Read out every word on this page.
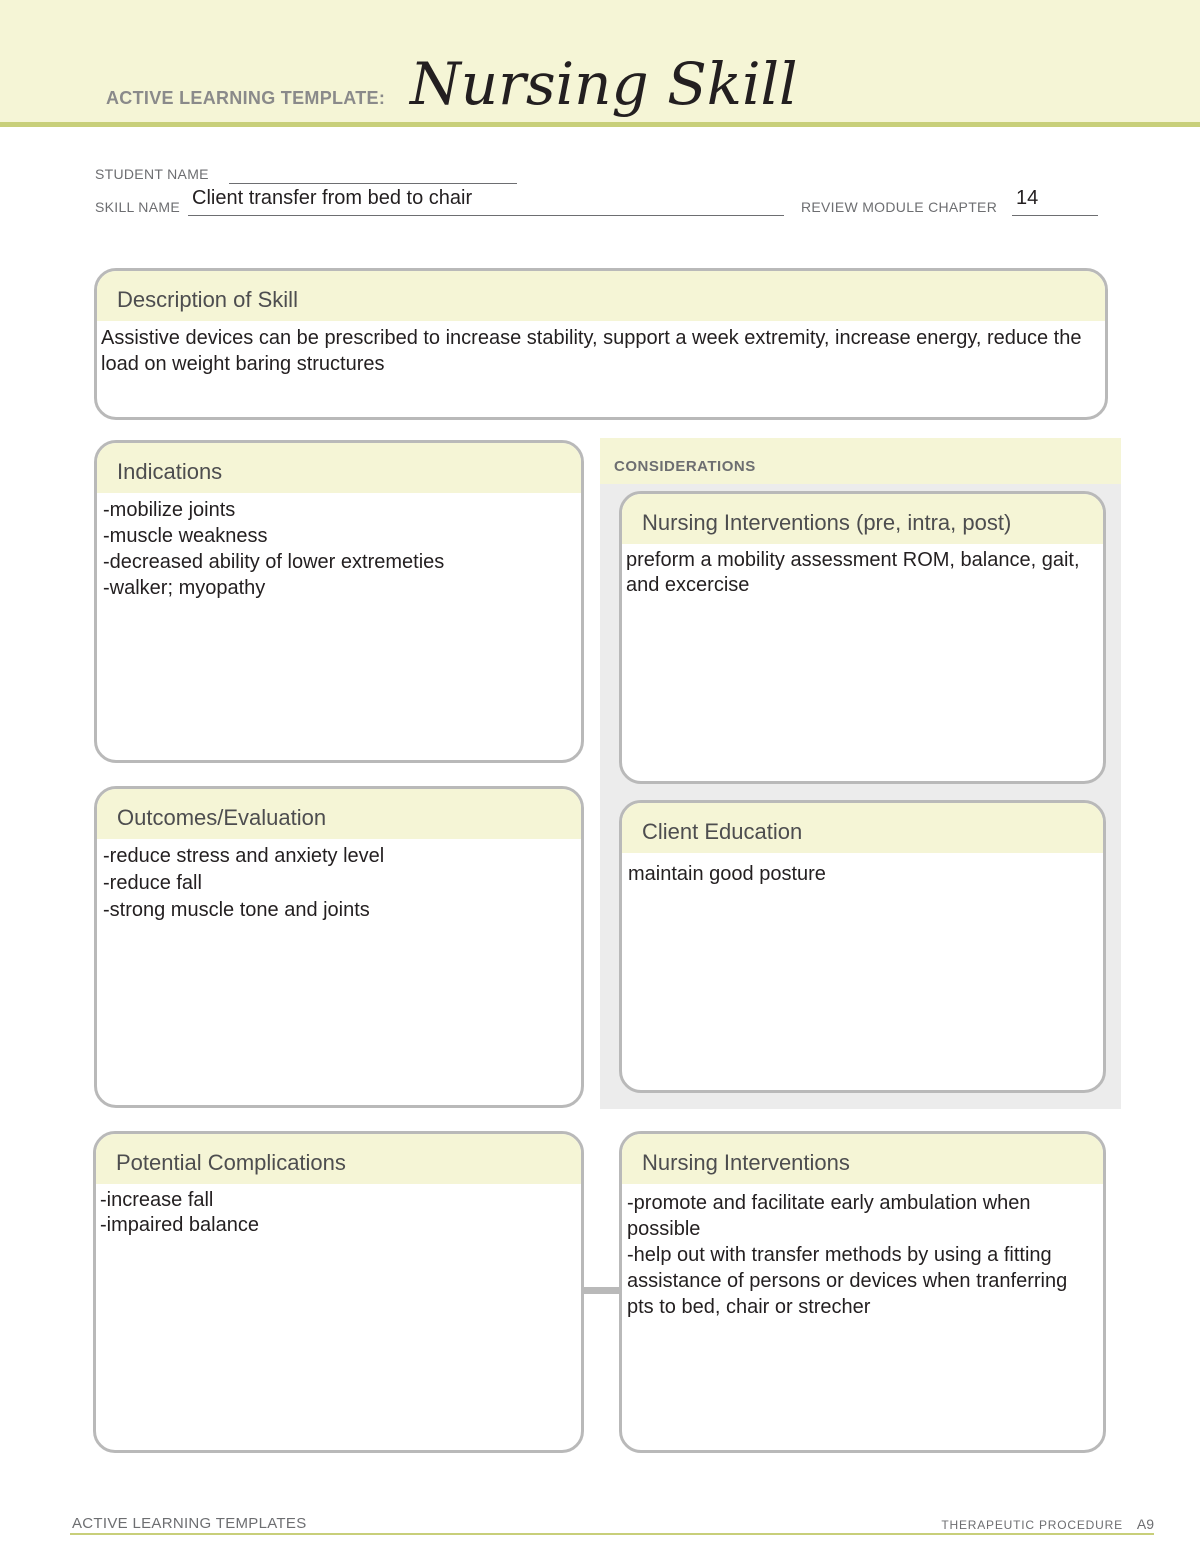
ACTIVE LEARNING TEMPLATE: Nursing Skill
STUDENT NAME
SKILL NAME Client transfer from bed to chair	REVIEW MODULE CHAPTER 14
Description of Skill
Assistive devices can be prescribed to increase stability, support a week extremity, increase energy, reduce the load on weight baring structures
CONSIDERATIONS
Indications
-mobilize joints
-muscle weakness
-decreased ability of lower extremeties
-walker; myopathy
Nursing Interventions (pre, intra, post)
preform a mobility assessment ROM, balance, gait, and excercise
Outcomes/Evaluation
-reduce stress and anxiety level
-reduce fall
-strong muscle tone and joints
Client Education
maintain good posture
Potential Complications
-increase fall
-impaired balance
Nursing Interventions
-promote and facilitate early ambulation when possible
-help out with transfer methods by using a fitting assistance of persons or devices when tranferring pts to bed, chair or strecher
ACTIVE LEARNING TEMPLATES	THERAPEUTIC PROCEDURE A9
